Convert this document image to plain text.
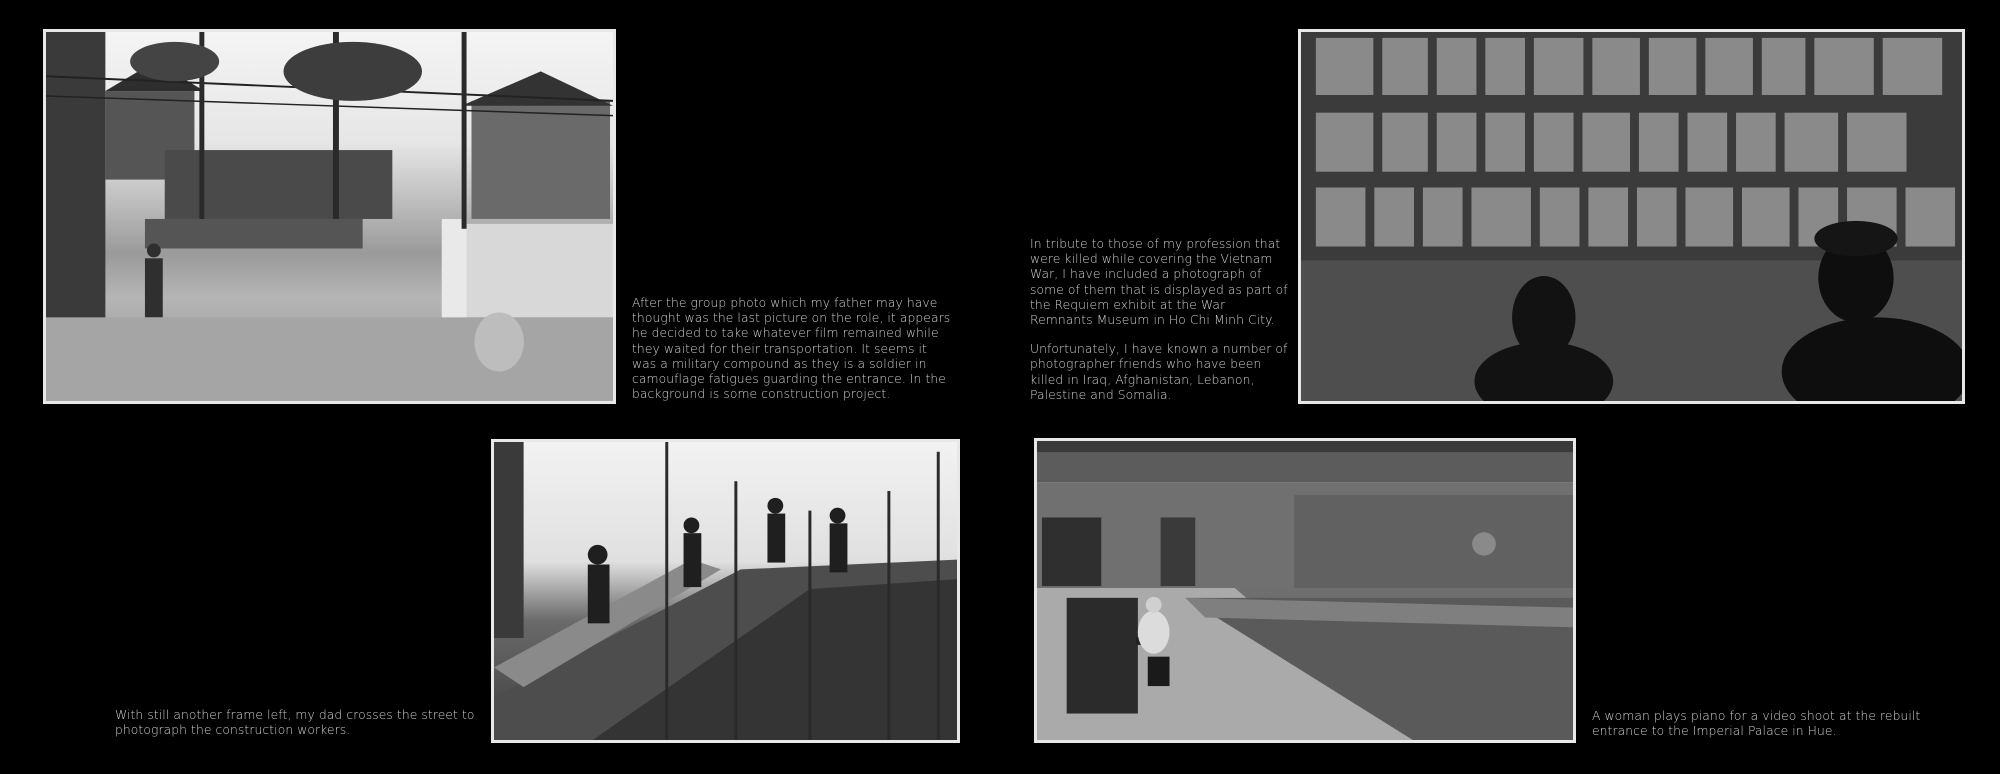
After the group photo which my father may have thought was the last picture on the role, it appears he decided to take whatever film remained while they waited for their transportation. It seems it was a military compound as they is a soldier in camouflage fatigues guarding the entrance. In the background is some construction project.

In tribute to those of my profession that were killed while covering the Vietnam War, I have included a photograph of some of them that is displayed as part of the Requiem exhibit at the War Remnants Museum in Ho Chi Minh City.

Unfortunately, I have known a number of photographer friends who have been killed in Iraq, Afghanistan, Lebanon, Palestine and Somalia.

With still another frame left, my dad crosses the street to photograph the construction workers.

A woman plays piano for a video shoot at the rebuilt entrance to the Imperial Palace in Hue.
